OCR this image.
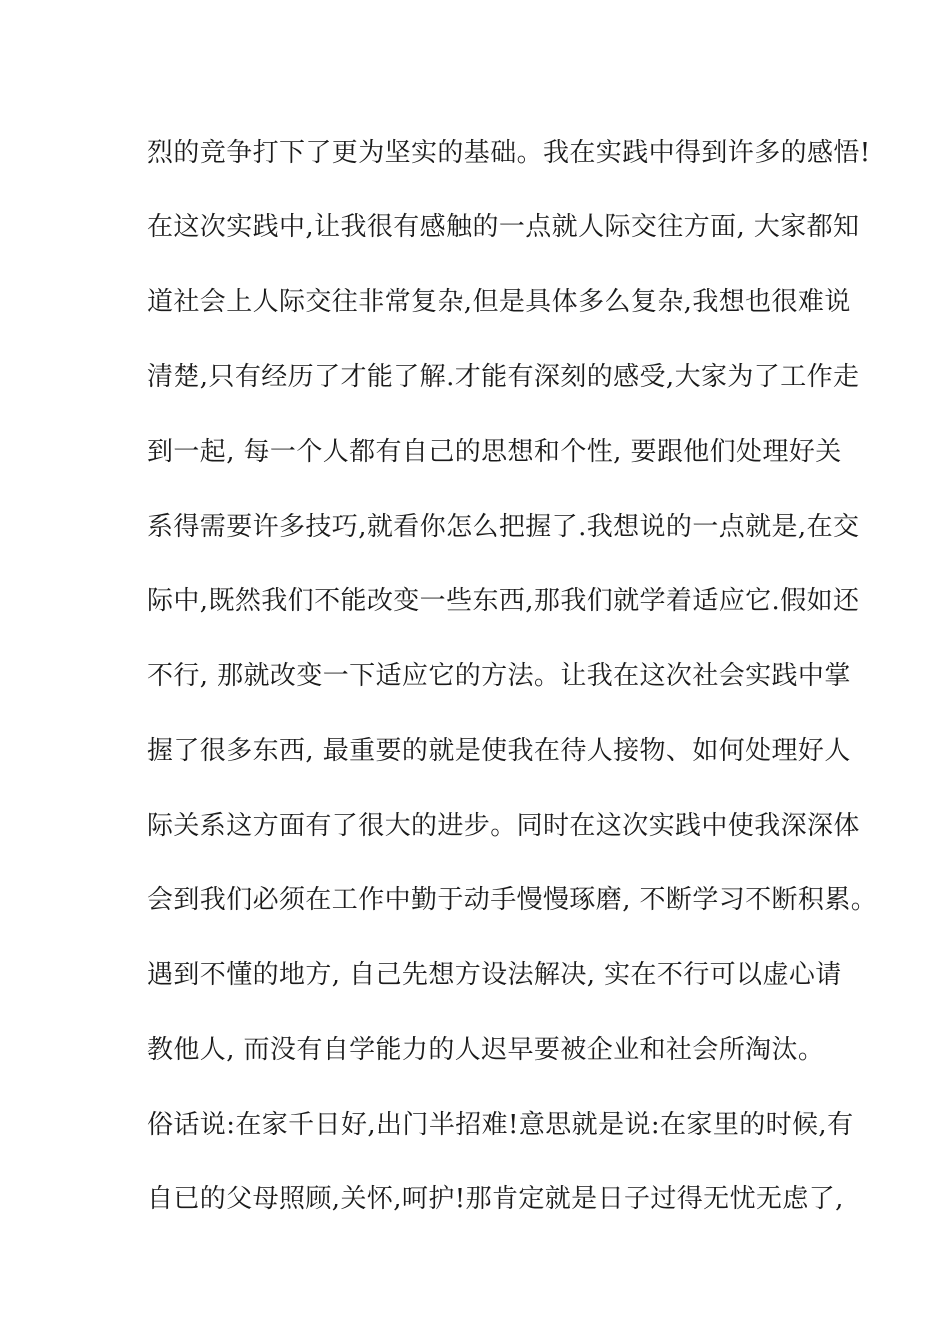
烈的竞争打下了更为坚实的基础。我在实践中得到许多的感悟!
在这次实践中,让我很有感触的一点就人际交往方面, 大家都知
道社会上人际交往非常复杂,但是具体多么复杂,我想也很难说
清楚,只有经历了才能了解.才能有深刻的感受,大家为了工作走
到一起, 每一个人都有自己的思想和个性, 要跟他们处理好关
系得需要许多技巧,就看你怎么把握了.我想说的一点就是,在交
际中,既然我们不能改变一些东西,那我们就学着适应它.假如还
不行, 那就改变一下适应它的方法。让我在这次社会实践中掌
握了很多东西, 最重要的就是使我在待人接物、如何处理好人
际关系这方面有了很大的进步。同时在这次实践中使我深深体
会到我们必须在工作中勤于动手慢慢琢磨, 不断学习不断积累。
遇到不懂的地方, 自己先想方设法解决, 实在不行可以虚心请
教他人, 而没有自学能力的人迟早要被企业和社会所淘汰。
俗话说:在家千日好,出门半招难!意思就是说:在家里的时候,有
自已的父母照顾,关怀,呵护!那肯定就是日子过得无忧无虑了,
